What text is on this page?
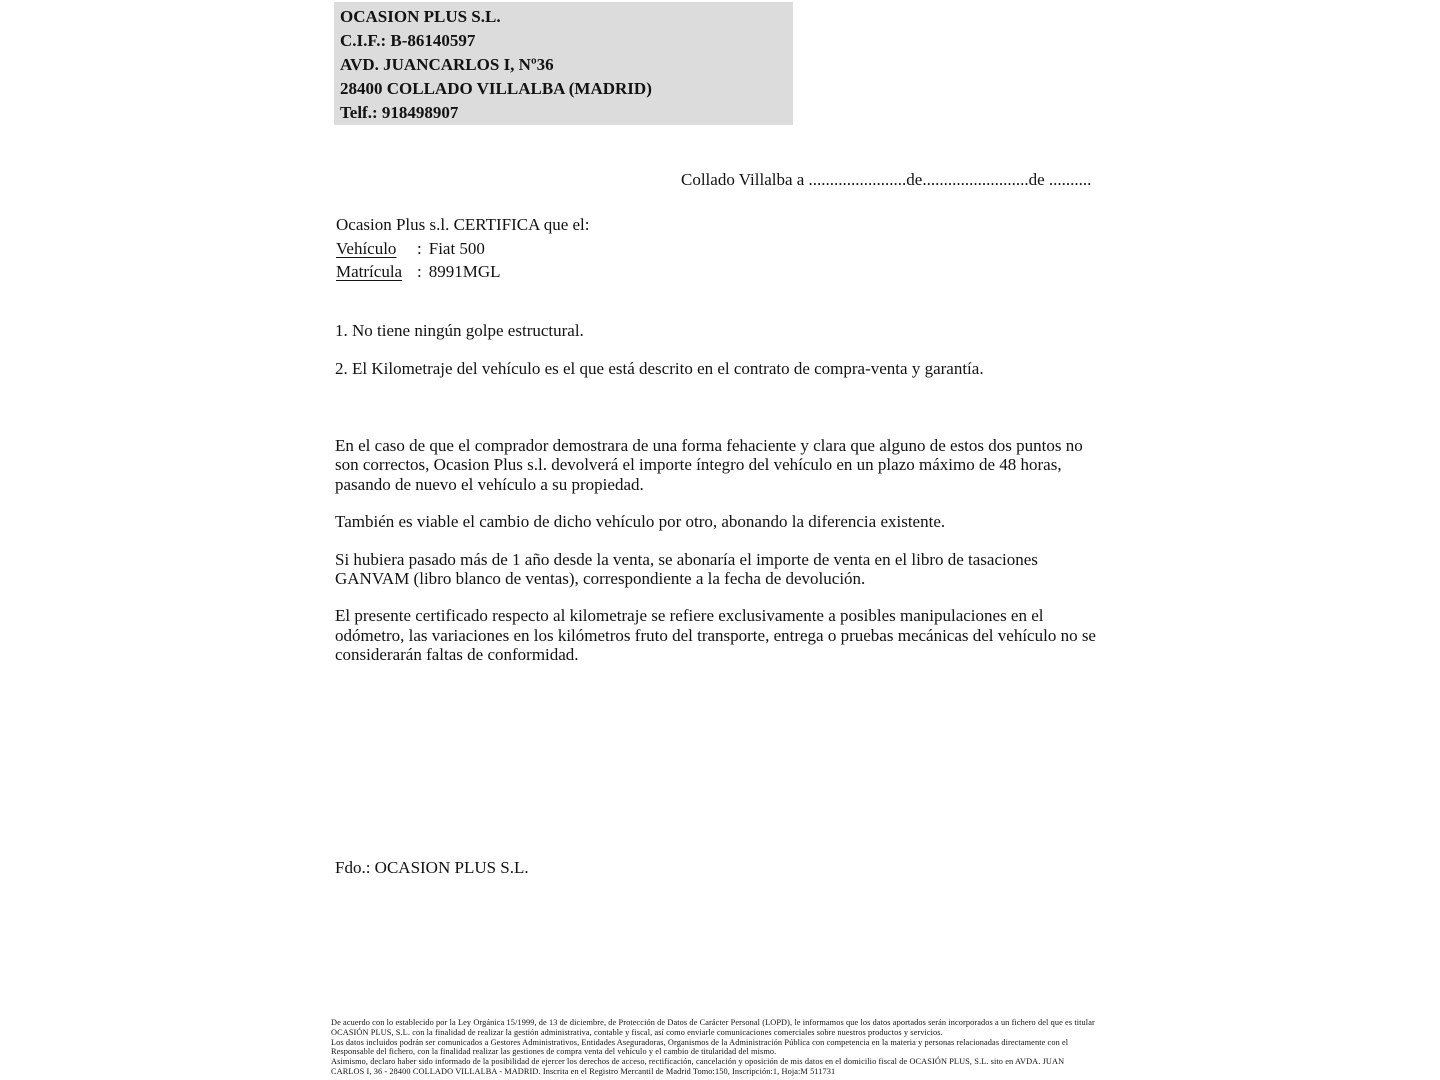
OCASION PLUS S.L.
C.I.F.: B-86140597
AVD. JUANCARLOS I, Nº36
28400 COLLADO VILLALBA (MADRID)
Telf.: 918498907
Collado Villalba a .......................de.........................de ..........
Ocasion Plus s.l. CERTIFICA que el:
Vehículo	: Fiat 500
Matrícula : 8991MGL
1. No tiene ningún golpe estructural.
2. El Kilometraje del vehículo es el que está descrito en el contrato de compra-venta y garantía.

En el caso de que el comprador demostrara de una forma fehaciente y clara que alguno de estos dos puntos no son correctos, Ocasion Plus s.l. devolverá el importe íntegro del vehículo en un plazo máximo de 48 horas, pasando de nuevo el vehículo a su propiedad.

También es viable el cambio de dicho vehículo por otro, abonando la diferencia existente.

Si hubiera pasado más de 1 año desde la venta, se abonaría el importe de venta en el libro de tasaciones GANVAM (libro blanco de ventas), correspondiente a la fecha de devolución.

El presente certificado respecto al kilometraje se refiere exclusivamente a posibles manipulaciones en el odómetro, las variaciones en los kilómetros fruto del transporte, entrega o pruebas mecánicas del vehículo no se considerarán faltas de conformidad.

Fdo.: OCASION PLUS S.L.
De acuerdo con lo establecido por la Ley Orgánica 15/1999, de 13 de diciembre, de Protección de Datos de Carácter Personal (LOPD), le informamos que los datos aportados serán incorporados a un fichero del que es titular
OCASIÓN PLUS, S.L. con la finalidad de realizar la gestión administrativa, contable y fiscal, así como enviarle comunicaciones comerciales sobre nuestros productos y servicios.
Los datos incluidos podrán ser comunicados a Gestores Administrativos, Entidades Aseguradoras, Organismos de la Administración Pública con competencia en la materia y personas relacionadas directamente con el
Responsable del fichero, con la finalidad realizar las gestiones de compra venta del vehículo y el cambio de titularidad del mismo.
Asimismo, declaro haber sido informado de la posibilidad de ejercer los derechos de acceso, rectificación, cancelación y oposición de mis datos en el domicilio fiscal de OCASIÓN PLUS, S.L. sito en AVDA. JUAN
CARLOS I, 36 - 28400 COLLADO VILLALBA - MADRID. Inscrita en el Registro Mercantil de Madrid Tomo:150, Inscripción:1, Hoja:M 511731
